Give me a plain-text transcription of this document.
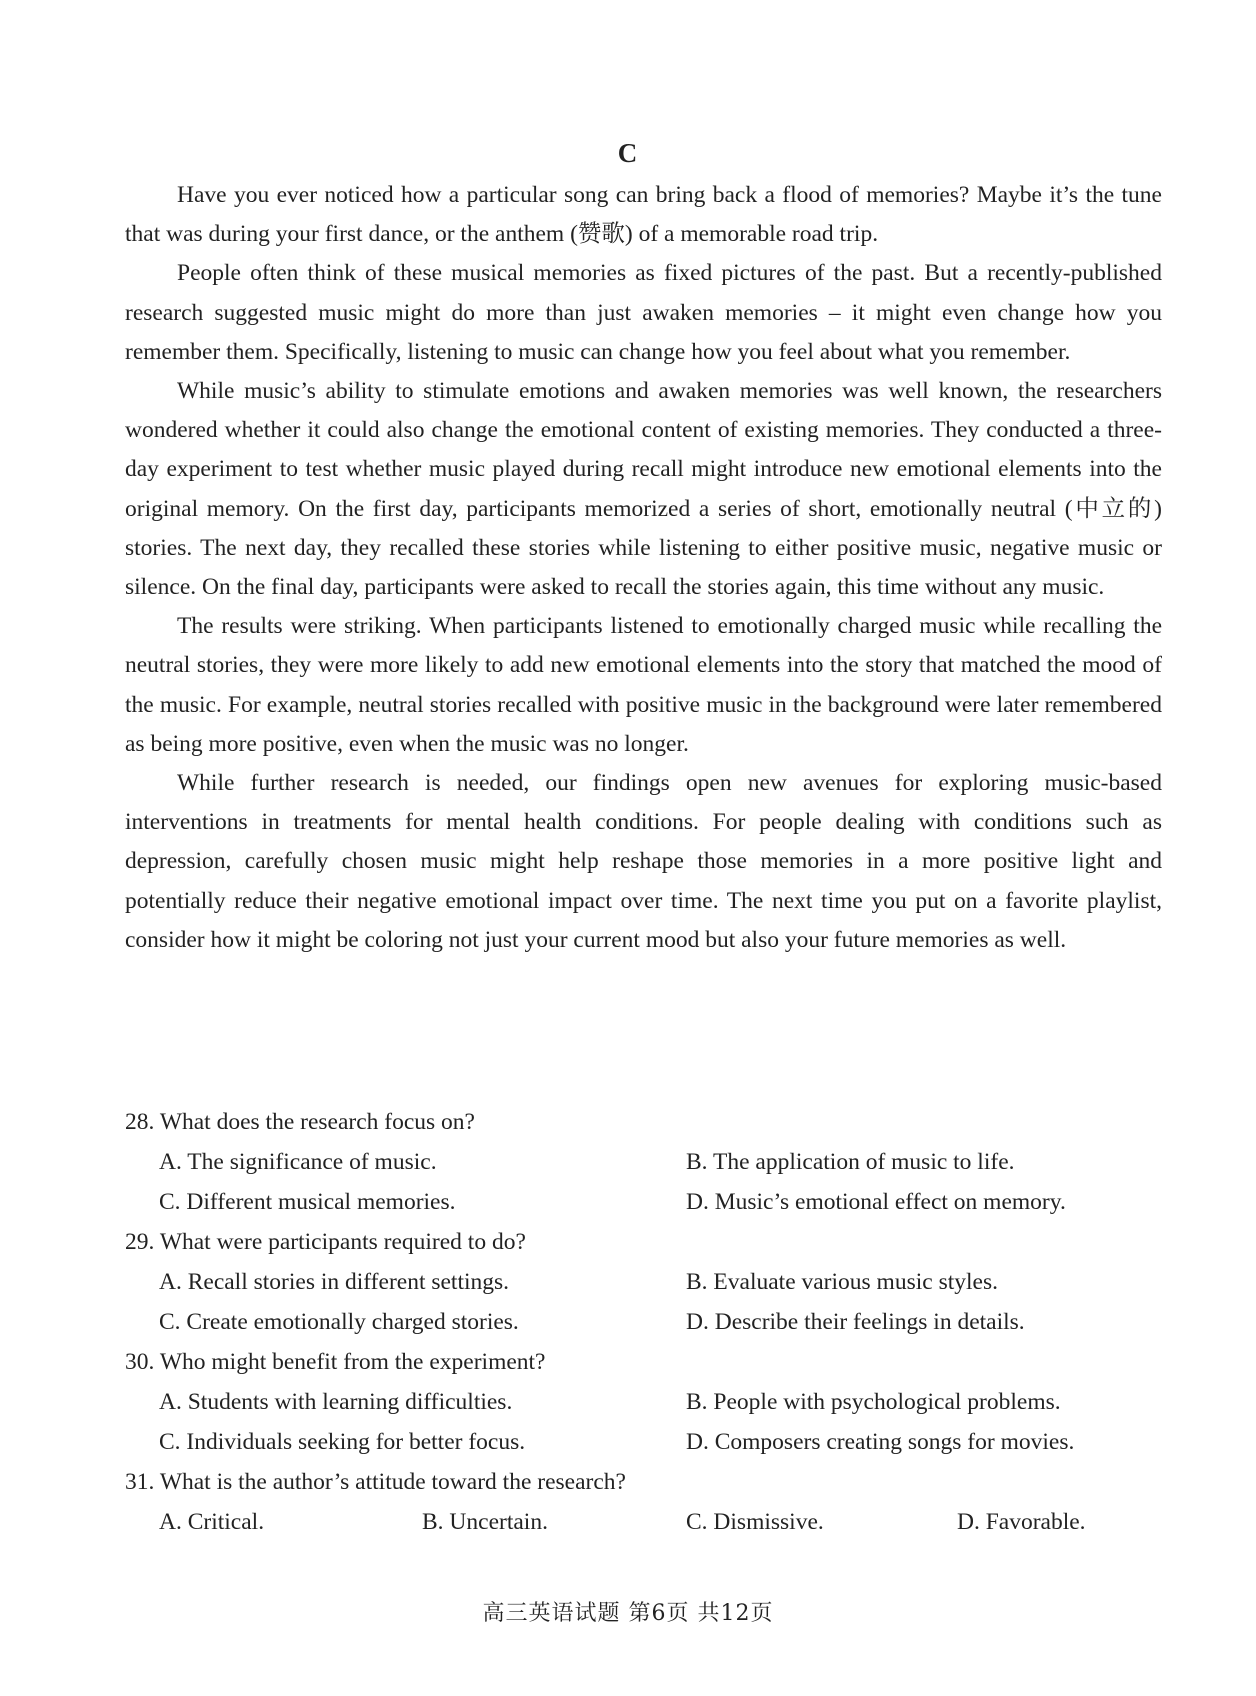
C

Have you ever noticed how a particular song can bring back a flood of memories? Maybe it’s the tune that was during your first dance, or the anthem (赞歌) of a memorable road trip.

People often think of these musical memories as fixed pictures of the past. But a recently-published research suggested music might do more than just awaken memories – it might even change how you remember them. Specifically, listening to music can change how you feel about what you remember.

While music’s ability to stimulate emotions and awaken memories was well known, the researchers wondered whether it could also change the emotional content of existing memories. They conducted a three-day experiment to test whether music played during recall might introduce new emotional elements into the original memory. On the first day, participants memorized a series of short, emotionally neutral (中立的) stories. The next day, they recalled these stories while listening to either positive music, negative music or silence. On the final day, participants were asked to recall the stories again, this time without any music.

The results were striking. When participants listened to emotionally charged music while recalling the neutral stories, they were more likely to add new emotional elements into the story that matched the mood of the music. For example, neutral stories recalled with positive music in the background were later remembered as being more positive, even when the music was no longer.

While further research is needed, our findings open new avenues for exploring music-based interventions in treatments for mental health conditions. For people dealing with conditions such as depression, carefully chosen music might help reshape those memories in a more positive light and potentially reduce their negative emotional impact over time. The next time you put on a favorite playlist, consider how it might be coloring not just your current mood but also your future memories as well.

28. What does the research focus on?
A. The significance of music.	B. The application of music to life.
C. Different musical memories.	D. Music’s emotional effect on memory.
29. What were participants required to do?
A. Recall stories in different settings.	B. Evaluate various music styles.
C. Create emotionally charged stories.	D. Describe their feelings in details.
30. Who might benefit from the experiment?
A. Students with learning difficulties.	B. People with psychological problems.
C. Individuals seeking for better focus.	D. Composers creating songs for movies.
31. What is the author’s attitude toward the research?
A. Critical.	B. Uncertain.	C. Dismissive.	D. Favorable.
高三英语试题 第6页 共12页
